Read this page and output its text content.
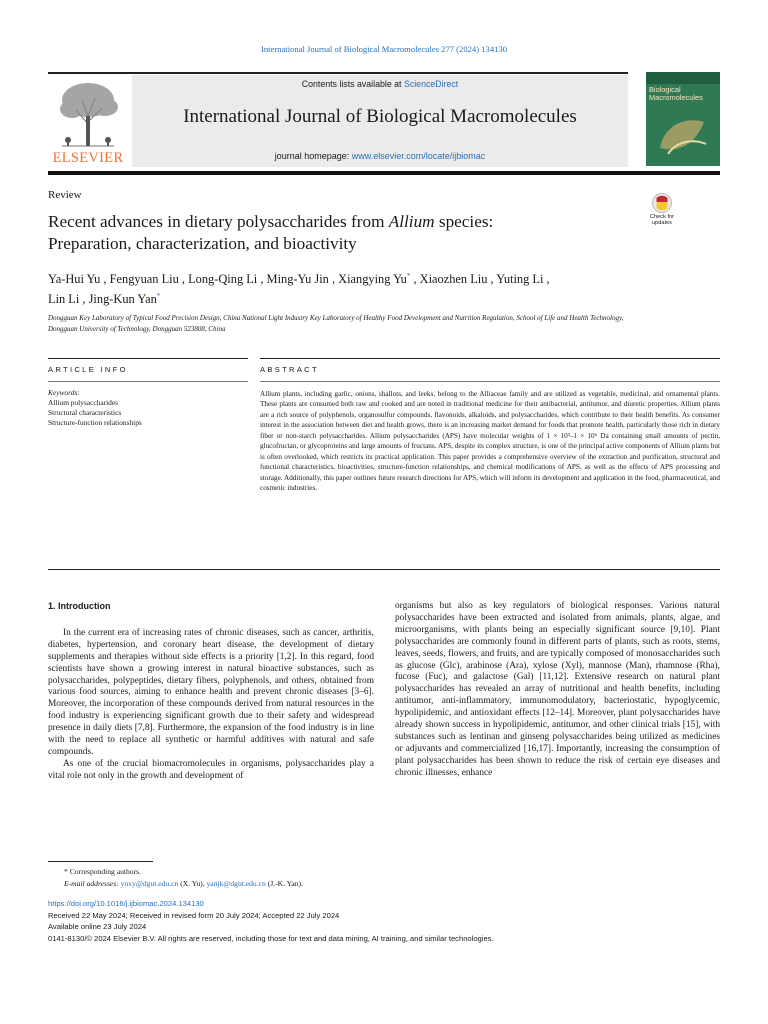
International Journal of Biological Macromolecules 277 (2024) 134130
ELSEVIER
Contents lists available at ScienceDirect
International Journal of Biological Macromolecules
journal homepage: www.elsevier.com/locate/ijbiomac
Biological
Macromolecules
Review
Recent advances in dietary polysaccharides from Allium species:
Preparation, characterization, and bioactivity
Check for updates
Ya-Hui Yu , Fengyuan Liu , Long-Qing Li , Ming-Yu Jin , Xiangying Yu* , Xiaozhen Liu , Yuting Li ,
Lin Li , Jing-Kun Yan*
Dongguan Key Laboratory of Typical Food Precision Design, China National Light Industry Key Laboratory of Healthy Food Development and Nutrition Regulation, School of Life and Health Technology, Dongguan University of Technology, Dongguan 523808, China
ARTICLE INFO	ABSTRACT
Keywords:
Allium polysaccharides
Structural characteristics
Structure-function relationships
Allium plants, including garlic, onions, shallots, and leeks, belong to the Alliaceae family and are utilized as vegetable, medicinal, and ornamental plants. These plants are consumed both raw and cooked and are noted in traditional medicine for their antibacterial, antitumor, and diuretic properties. Allium plants are a rich source of polyphenols, organosulfur compounds, flavonoids, alkaloids, and polysaccharides, which contribute to their health benefits. As consumer interest in the association between diet and health grows, there is an increasing market demand for foods that promote health, particularly those rich in dietary fiber or non-starch polysaccharides. Allium polysaccharides (APS) have molecular weights of 1 × 10³–1 × 10⁶ Da containing small amounts of pectin, glucofructan, or glycoproteins and large amounts of fructans. APS, despite its complex structure, is one of the principal active components of Allium plants but is often overlooked, which restricts its practical application. This paper provides a comprehensive overview of the extraction and purification, structural and functional characteristics, bioactivities, structure-function relationships, and chemical modifications of APS, as well as the effects of APS processing and storage. Additionally, this paper outlines future research directions for APS, which will inform its development and application in the food, pharmaceutical, and cosmetic industries.
1. Introduction

In the current era of increasing rates of chronic diseases, such as cancer, arthritis, diabetes, hypertension, and coronary heart disease, the development of dietary supplements and therapies without side effects is a priority [1,2]. In this regard, food scientists have shown a growing interest in natural bioactive substances, such as polysaccharides, polypeptides, dietary fibers, polyphenols, and others, obtained from various food sources, aiming to enhance health and prevent chronic diseases [3–6]. Moreover, the incorporation of these compounds derived from natural resources in the food industry is experiencing significant growth due to their safety and widespread presence in daily diets [7,8]. Furthermore, the expansion of the food industry is in line with the need to replace all synthetic or harmful additives with natural and safe compounds.

As one of the crucial biomacromolecules in organisms, polysaccharides play a vital role not only in the growth and development of

organisms but also as key regulators of biological responses. Various natural polysaccharides have been extracted and isolated from animals, plants, algae, and microorganisms, with plants being an especially significant source [9,10]. Plant polysaccharides are commonly found in different parts of plants, such as roots, stems, leaves, seeds, flowers, and fruits, and are typically composed of monosaccharides such as glucose (Glc), arabinose (Ara), xylose (Xyl), mannose (Man), rhamnose (Rha), fucose (Fuc), and galactose (Gal) [11,12]. Extensive research on natural plant polysaccharides has revealed an array of nutritional and health benefits, including antitumor, anti-inflammatory, immunomodulatory, bacteriostatic, hypoglycemic, hypolipidemic, and antioxidant effects [12–14]. Moreover, plant polysaccharides have already shown success in hypolipidemic, antitumor, and other clinical trials [15], with substances such as lentinan and ginseng polysaccharides being utilized as medicines or adjuvants and commercialized [16,17]. Importantly, increasing the consumption of plant polysaccharides has been shown to reduce the risk of certain eye diseases and chronic illnesses, enhance

* Corresponding authors.
E-mail addresses: yuxy@dgut.edu.cn (X. Yu), yanjk@dgut.edu.cn (J.-K. Yan).
https://doi.org/10.1016/j.ijbiomac.2024.134130
Received 22 May 2024; Received in revised form 20 July 2024; Accepted 22 July 2024
Available online 23 July 2024
0141-8130/© 2024 Elsevier B.V. All rights are reserved, including those for text and data mining, AI training, and similar technologies.
